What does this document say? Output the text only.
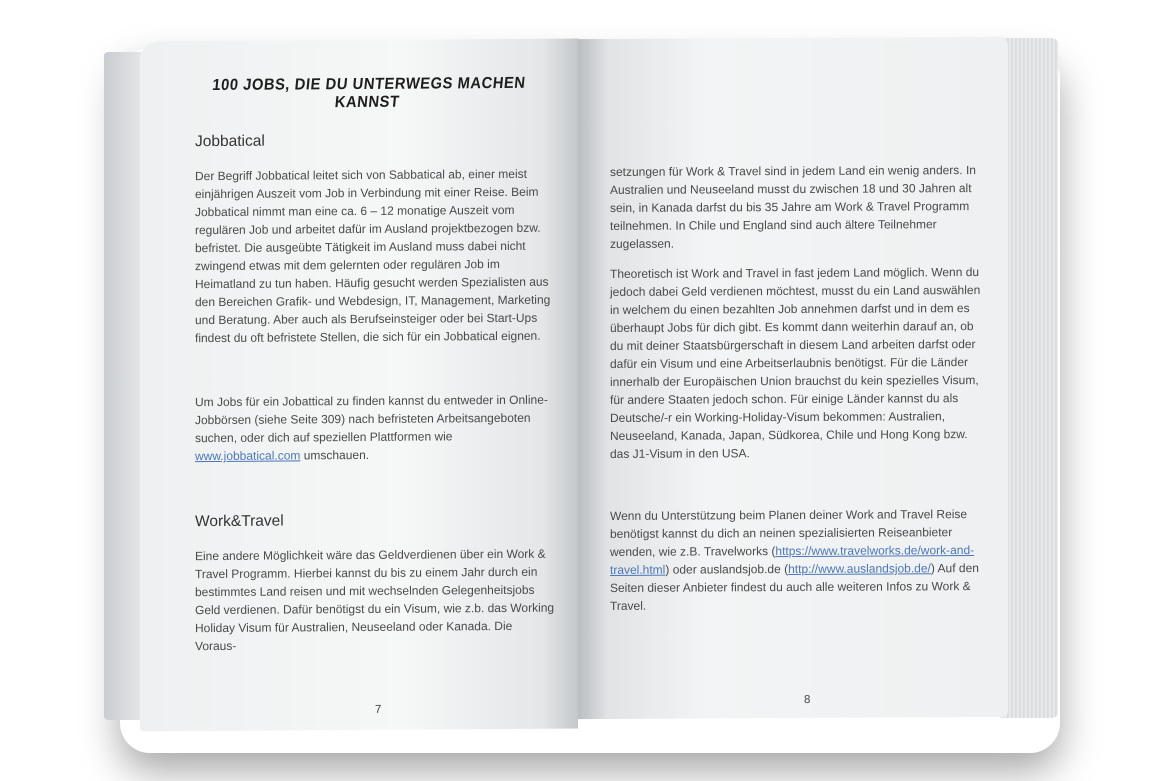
100 JOBS, DIE DU UNTERWEGS MACHEN KANNST
Jobbatical

Der Begriff Jobbatical leitet sich von Sabbatical ab, einer meist einjährigen Auszeit vom Job in Verbindung mit einer Reise. Beim Jobbatical nimmt man eine ca. 6 – 12 monatige Auszeit vom regulären Job und arbeitet dafür im Ausland projektbezogen bzw. befristet. Die ausgeübte Tätigkeit im Ausland muss dabei nicht zwingend etwas mit dem gelernten oder regulären Job im Heimatland zu tun haben. Häufig gesucht werden Spezialisten aus den Bereichen Grafik- und Webdesign, IT, Management, Marketing und Beratung. Aber auch als Berufseinsteiger oder bei Start-Ups findest du oft befristete Stellen, die sich für ein Jobbatical eignen.

Um Jobs für ein Jobattical zu finden kannst du entweder in Online-Jobbörsen (siehe Seite 309) nach befristeten Arbeitsangeboten suchen, oder dich auf speziellen Plattformen wie www.jobbatical.com umschauen.

Work&Travel

Eine andere Möglichkeit wäre das Geldverdienen über ein Work & Travel Programm. Hierbei kannst du bis zu einem Jahr durch ein bestimmtes Land reisen und mit wechselnden Gelegenheitsjobs Geld verdienen. Dafür benötigst du ein Visum, wie z.b. das Working Holiday Visum für Australien, Neuseeland oder Kanada. Die Voraus-

7

setzungen für Work & Travel sind in jedem Land ein wenig anders. In Australien und Neuseeland musst du zwischen 18 und 30 Jahren alt sein, in Kanada darfst du bis 35 Jahre am Work & Travel Programm teilnehmen. In Chile und England sind auch ältere Teilnehmer zugelassen.

Theoretisch ist Work and Travel in fast jedem Land möglich. Wenn du jedoch dabei Geld verdienen möchtest, musst du ein Land auswählen in welchem du einen bezahlten Job annehmen darfst und in dem es überhaupt Jobs für dich gibt. Es kommt dann weiterhin darauf an, ob du mit deiner Staatsbürgerschaft in diesem Land arbeiten darfst oder dafür ein Visum und eine Arbeitserlaubnis benötigst. Für die Länder innerhalb der Europäischen Union brauchst du kein spezielles Visum, für andere Staaten jedoch schon. Für einige Länder kannst du als Deutsche/-r ein Working-Holiday-Visum bekommen: Australien, Neuseeland, Kanada, Japan, Südkorea, Chile und Hong Kong bzw. das J1-Visum in den USA.

Wenn du Unterstützung beim Planen deiner Work and Travel Reise benötigst kannst du dich an neinen spezialisierten Reiseanbieter wenden, wie z.B. Travelworks (https://www.travelworks.de/work-and-travel.html) oder auslandsjob.de (http://www.auslandsjob.de/) Auf den Seiten dieser Anbieter findest du auch alle weiteren Infos zu Work & Travel.

8
